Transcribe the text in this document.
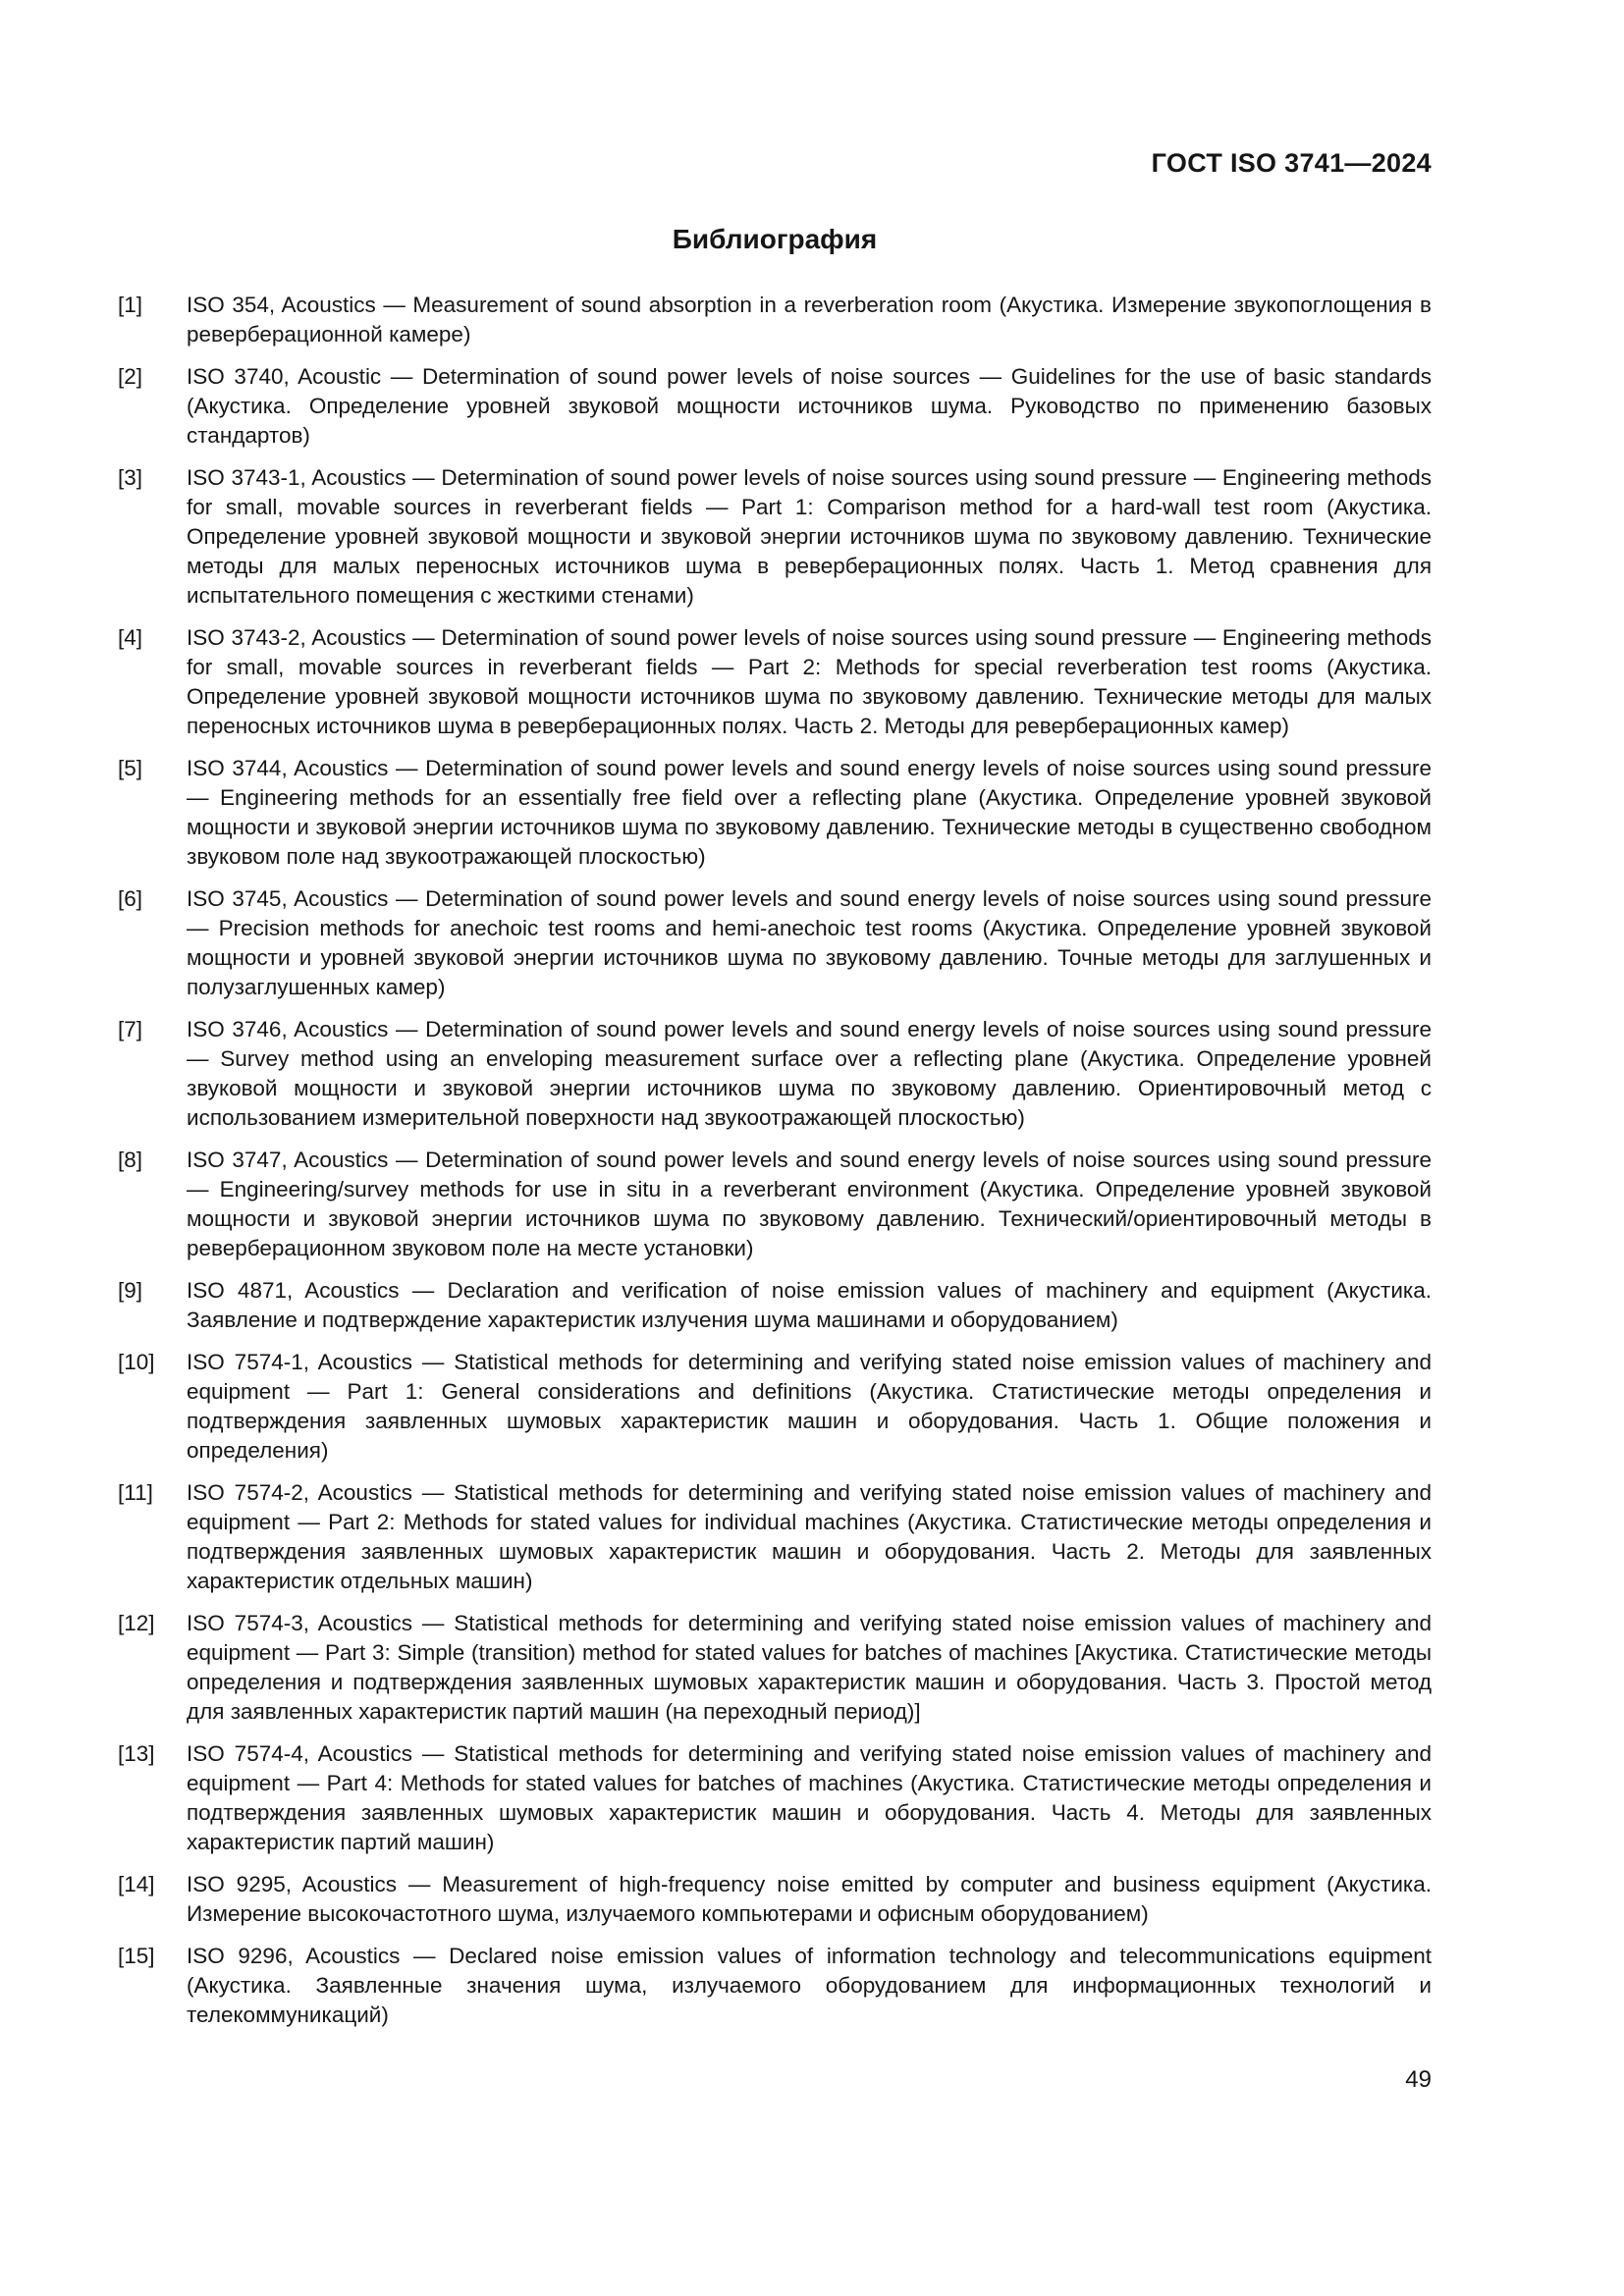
ГОСТ ISO 3741—2024
Библиография
[1] ISO 354, Acoustics — Measurement of sound absorption in a reverberation room (Акустика. Измерение звукопоглощения в реверберационной камере)
[2] ISO 3740, Acoustic — Determination of sound power levels of noise sources — Guidelines for the use of basic standards (Акустика. Определение уровней звуковой мощности источников шума. Руководство по применению базовых стандартов)
[3] ISO 3743-1, Acoustics — Determination of sound power levels of noise sources using sound pressure — Engineering methods for small, movable sources in reverberant fields — Part 1: Comparison method for a hard-wall test room (Акустика. Определение уровней звуковой мощности и звуковой энергии источников шума по звуковому давлению. Технические методы для малых переносных источников шума в реверберационных полях. Часть 1. Метод сравнения для испытательного помещения с жесткими стенами)
[4] ISO 3743-2, Acoustics — Determination of sound power levels of noise sources using sound pressure — Engineering methods for small, movable sources in reverberant fields — Part 2: Methods for special reverberation test rooms (Акустика. Определение уровней звуковой мощности источников шума по звуковому давлению. Технические методы для малых переносных источников шума в реверберационных полях. Часть 2. Методы для реверберационных камер)
[5] ISO 3744, Acoustics — Determination of sound power levels and sound energy levels of noise sources using sound pressure — Engineering methods for an essentially free field over a reflecting plane (Акустика. Определение уровней звуковой мощности и звуковой энергии источников шума по звуковому давлению. Технические методы в существенно свободном звуковом поле над звукоотражающей плоскостью)
[6] ISO 3745, Acoustics — Determination of sound power levels and sound energy levels of noise sources using sound pressure — Precision methods for anechoic test rooms and hemi-anechoic test rooms (Акустика. Определение уровней звуковой мощности и уровней звуковой энергии источников шума по звуковому давлению. Точные методы для заглушенных и полузаглушенных камер)
[7] ISO 3746, Acoustics — Determination of sound power levels and sound energy levels of noise sources using sound pressure — Survey method using an enveloping measurement surface over a reflecting plane (Акустика. Определение уровней звуковой мощности и звуковой энергии источников шума по звуковому давлению. Ориентировочный метод с использованием измерительной поверхности над звукоотражающей плоскостью)
[8] ISO 3747, Acoustics — Determination of sound power levels and sound energy levels of noise sources using sound pressure — Engineering/survey methods for use in situ in a reverberant environment (Акустика. Определение уровней звуковой мощности и звуковой энергии источников шума по звуковому давлению. Технический/ориентировочный методы в реверберационном звуковом поле на месте установки)
[9] ISO 4871, Acoustics — Declaration and verification of noise emission values of machinery and equipment (Акустика. Заявление и подтверждение характеристик излучения шума машинами и оборудованием)
[10] ISO 7574-1, Acoustics — Statistical methods for determining and verifying stated noise emission values of machinery and equipment — Part 1: General considerations and definitions (Акустика. Статистические методы определения и подтверждения заявленных шумовых характеристик машин и оборудования. Часть 1. Общие положения и определения)
[11] ISO 7574-2, Acoustics — Statistical methods for determining and verifying stated noise emission values of machinery and equipment — Part 2: Methods for stated values for individual machines (Акустика. Статистические методы определения и подтверждения заявленных шумовых характеристик машин и оборудования. Часть 2. Методы для заявленных характеристик отдельных машин)
[12] ISO 7574-3, Acoustics — Statistical methods for determining and verifying stated noise emission values of machinery and equipment — Part 3: Simple (transition) method for stated values for batches of machines [Акустика. Статистические методы определения и подтверждения заявленных шумовых характеристик машин и оборудования. Часть 3. Простой метод для заявленных характеристик партий машин (на переходный период)]
[13] ISO 7574-4, Acoustics — Statistical methods for determining and verifying stated noise emission values of machinery and equipment — Part 4: Methods for stated values for batches of machines (Акустика. Статистические методы определения и подтверждения заявленных шумовых характеристик машин и оборудования. Часть 4. Методы для заявленных характеристик партий машин)
[14] ISO 9295, Acoustics — Measurement of high-frequency noise emitted by computer and business equipment (Акустика. Измерение высокочастотного шума, излучаемого компьютерами и офисным оборудованием)
[15] ISO 9296, Acoustics — Declared noise emission values of information technology and telecommunications equipment (Акустика. Заявленные значения шума, излучаемого оборудованием для информационных технологий и телекоммуникаций)
49
